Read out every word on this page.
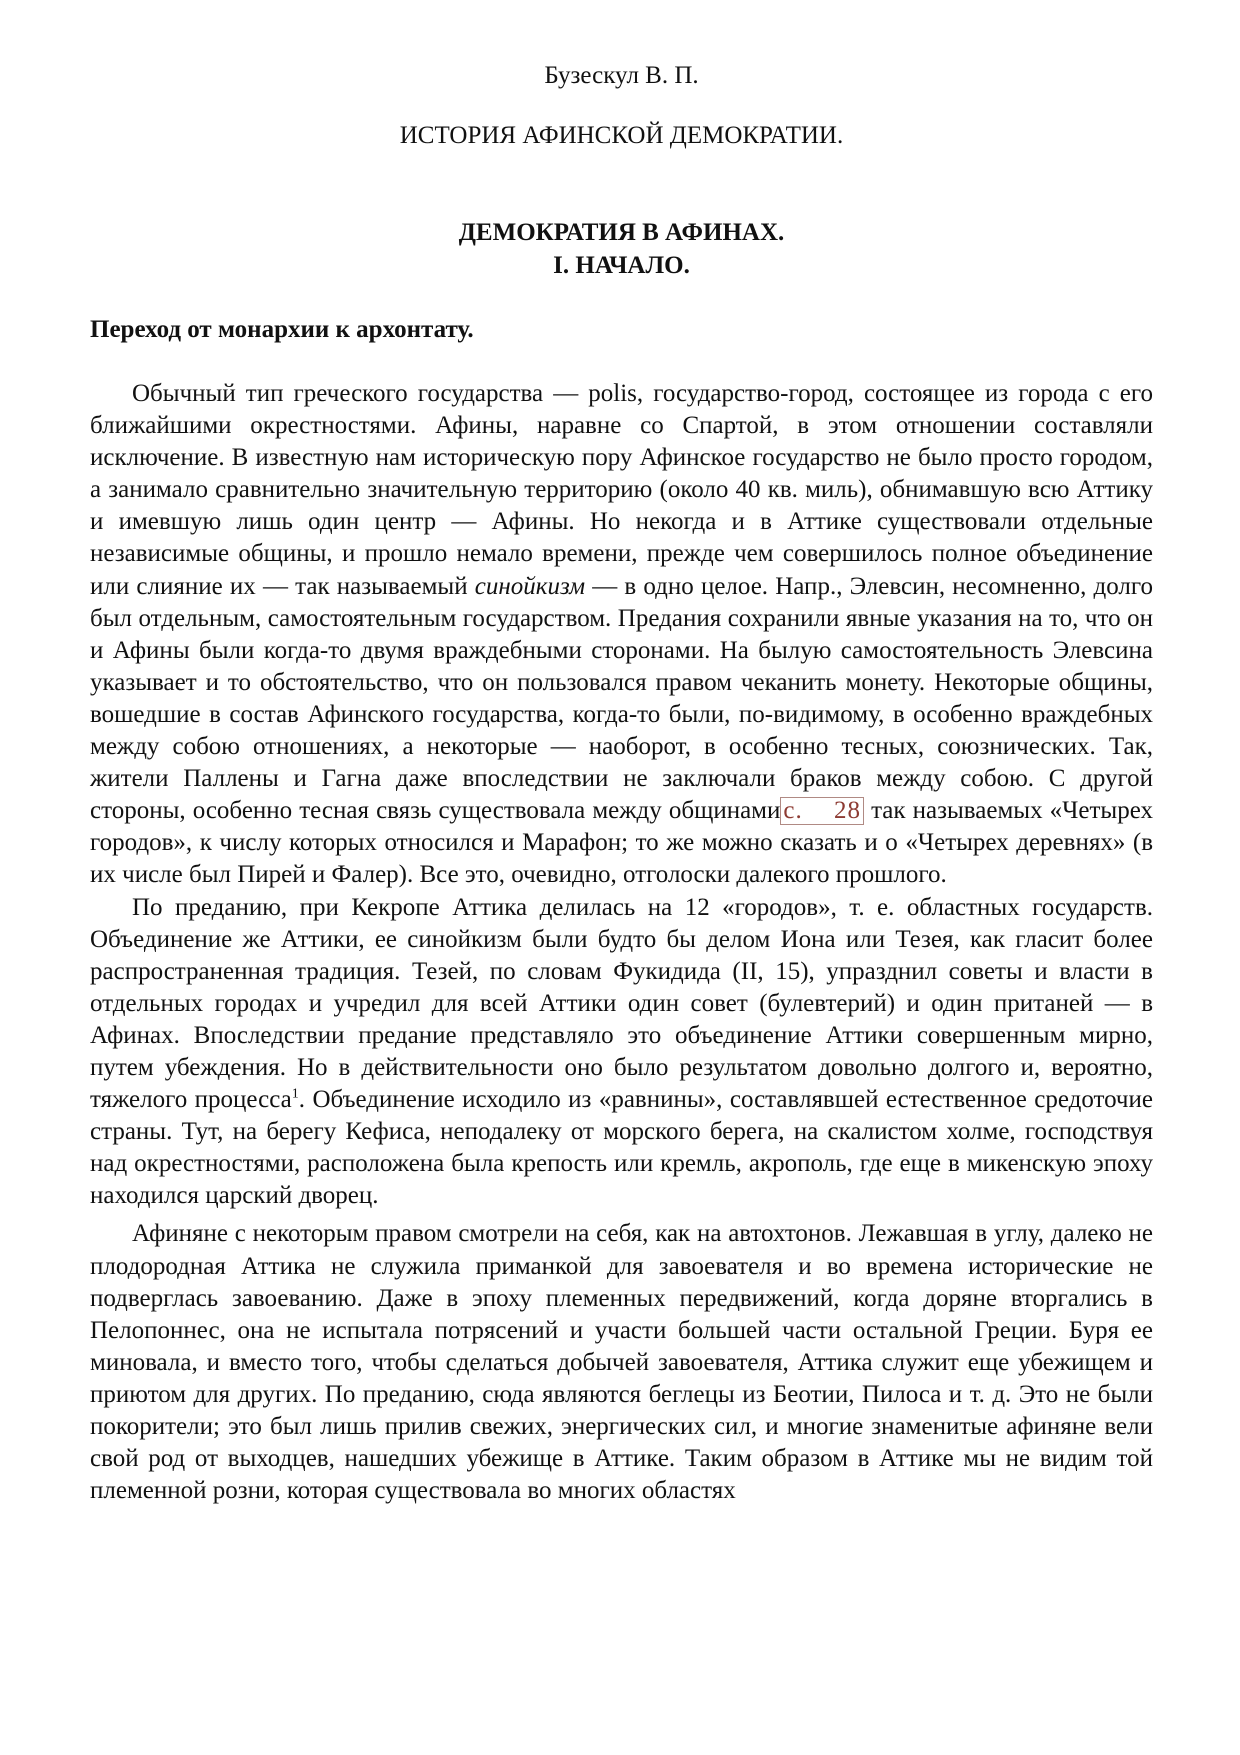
Бузескул В. П.
ИСТОРИЯ АФИНСКОЙ ДЕМОКРАТИИ.
ДЕМОКРАТИЯ В АФИНАХ.
I. НАЧАЛО.
Переход от монархии к архонтату.

Обычный тип греческого государства — polis, государство-город, состоящее из города с его ближайшими окрестностями. Афины, наравне со Спартой, в этом отношении составляли исключение. В известную нам историческую пору Афинское государство не было просто городом, а занимало сравнительно значительную территорию (около 40 кв. миль), обнимавшую всю Аттику и имевшую лишь один центр — Афины. Но некогда и в Аттике существовали отдельные независимые общины, и прошло немало времени, прежде чем совершилось полное объединение или слияние их — так называемый синойкизм — в одно целое. Напр., Элевсин, несомненно, долго был отдельным, самостоятельным государством. Предания сохранили явные указания на то, что он и Афины были когда-то двумя враждебными сторонами. На былую самостоятельность Элевсина указывает и то обстоятельство, что он пользовался правом чеканить монету. Некоторые общины, вошедшие в состав Афинского государства, когда-то были, по-видимому, в особенно враждебных между собою отношениях, а некоторые — наоборот, в особенно тесных, союзнических. Так, жители Паллены и Гагна даже впоследствии не заключали браков между собою. С другой стороны, особенно тесная связь существовала между общинами с. 28 так называемых «Четырех городов», к числу которых относился и Марафон; то же можно сказать и о «Четырех деревнях» (в их числе был Пирей и Фалер). Все это, очевидно, отголоски далекого прошлого.

По преданию, при Кекропе Аттика делилась на 12 «городов», т. е. областных государств. Объединение же Аттики, ее синойкизм были будто бы делом Иона или Тезея, как гласит более распространенная традиция. Тезей, по словам Фукидида (II, 15), упразднил советы и власти в отдельных городах и учредил для всей Аттики один совет (булевтерий) и один пританей — в Афинах. Впоследствии предание представляло это объединение Аттики совершенным мирно, путем убеждения. Но в действительности оно было результатом довольно долгого и, вероятно, тяжелого процесса$^1$. Объединение исходило из «равнины», составлявшей естественное средоточие страны. Тут, на берегу Кефиса, неподалеку от морского берега, на скалистом холме, господствуя над окрестностями, расположена была крепость или кремль, акрополь, где еще в микенскую эпоху находился царский дворец.

Афиняне с некоторым правом смотрели на себя, как на автохтонов. Лежавшая в углу, далеко не плодородная Аттика не служила приманкой для завоевателя и во времена исторические не подверглась завоеванию. Даже в эпоху племенных передвижений, когда доряне вторгались в Пелопоннес, она не испытала потрясений и участи большей части остальной Греции. Буря ее миновала, и вместо того, чтобы сделаться добычей завоевателя, Аттика служит еще убежищем и приютом для других. По преданию, сюда являются беглецы из Беотии, Пилоса и т. д. Это не были покорители; это был лишь прилив свежих, энергических сил, и многие знаменитые афиняне вели свой род от выходцев, нашедших убежище в Аттике. Таким образом в Аттике мы не видим той племенной розни, которая существовала во многих областях
